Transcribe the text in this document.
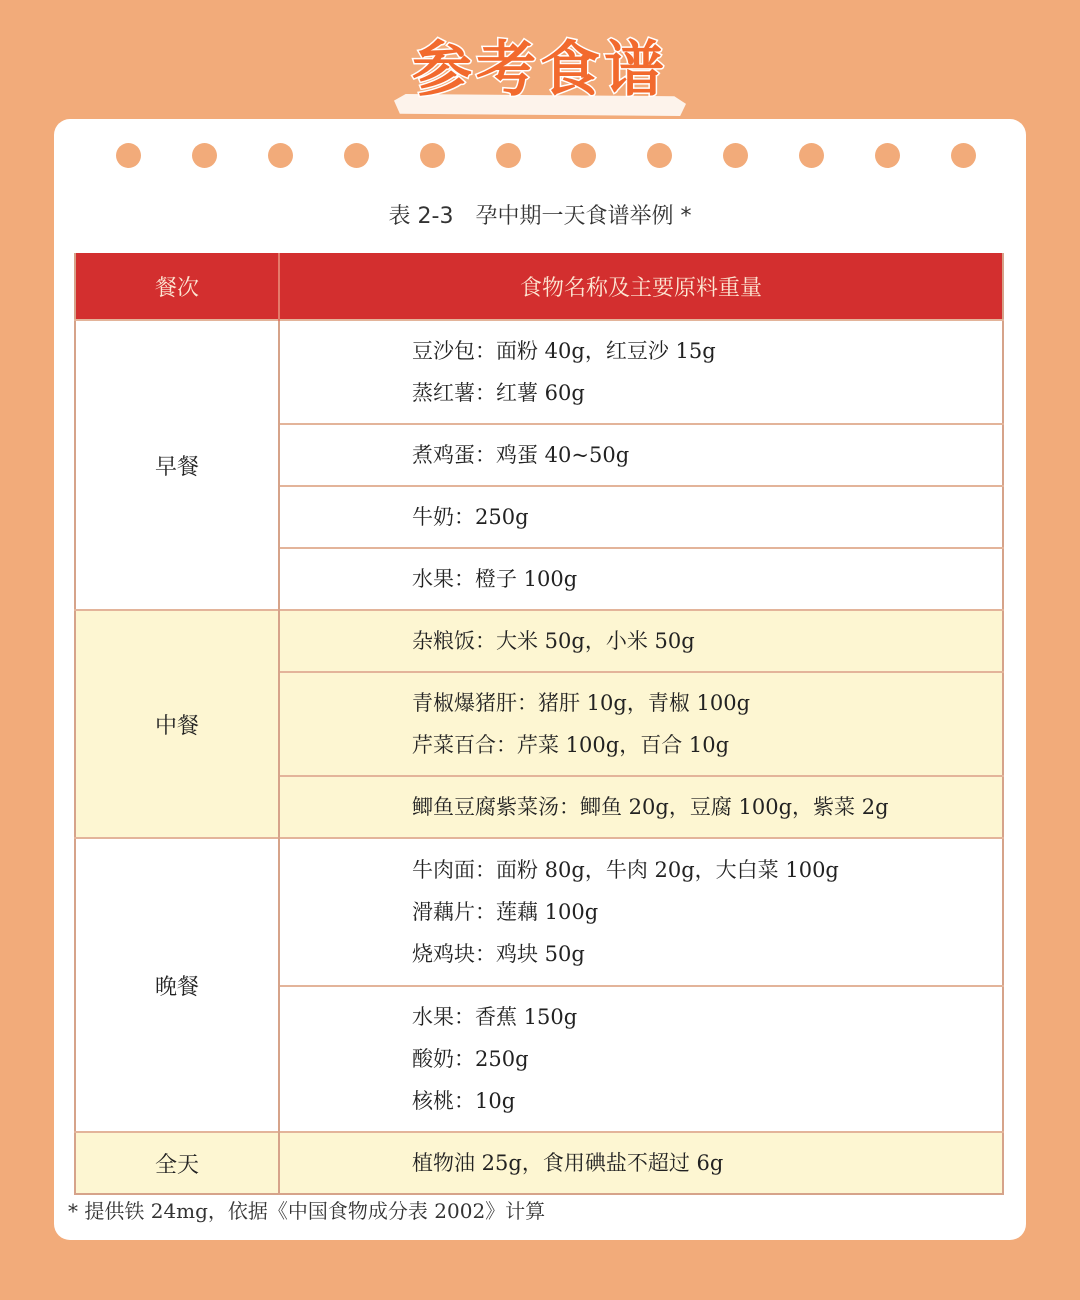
参考食谱
表 2-3　孕中期一天食谱举例 *
餐次	食物名称及主要原料重量
早餐	豆沙包：面粉 40g，红豆沙 15g
蒸红薯：红薯 60g

	煮鸡蛋：鸡蛋 40~50g

	牛奶：250g

	水果：橙子 100g

中餐	杂粮饭：大米 50g，小米 50g

	青椒爆猪肝：猪肝 10g，青椒 100g
芹菜百合：芹菜 100g，百合 10g

	鲫鱼豆腐紫菜汤：鲫鱼 20g，豆腐 100g，紫菜 2g

晚餐	牛肉面：面粉 80g，牛肉 20g，大白菜 100g
滑藕片：莲藕 100g
烧鸡块：鸡块 50g

	水果：香蕉 150g
酸奶：250g
核桃：10g

全天	植物油 25g，食用碘盐不超过 6g
* 提供铁 24mg，依据《中国食物成分表 2002》计算
